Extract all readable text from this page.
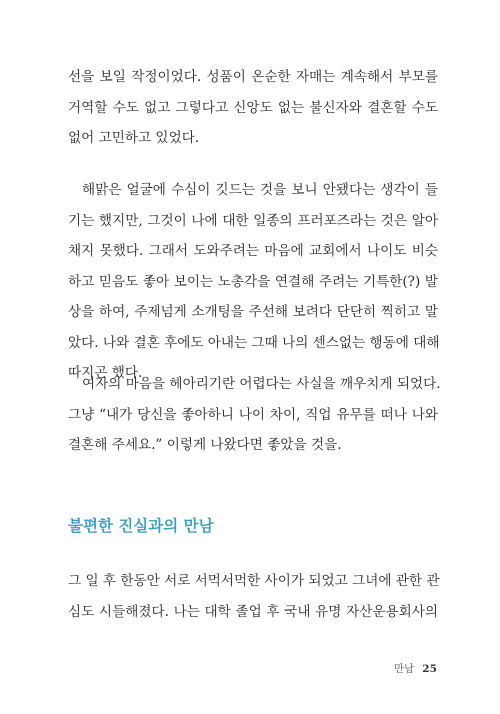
선을 보일 작정이었다. 성품이 온순한 자매는 계속해서 부모를

거역할 수도 없고 그렇다고 신앙도 없는 불신자와 결혼할 수도

없어 고민하고 있었다.

해맑은 얼굴에 수심이 깃드는 것을 보니 안됐다는 생각이 들

기는 했지만, 그것이 나에 대한 일종의 프러포즈라는 것은 알아

채지 못했다. 그래서 도와주려는 마음에 교회에서 나이도 비슷

하고 믿음도 좋아 보이는 노총각을 연결해 주려는 기특한(?) 발

상을 하여, 주제넘게 소개팅을 주선해 보려다 단단히 찍히고 말

았다. 나와 결혼 후에도 아내는 그때 나의 센스없는 행동에 대해

따지곤 했다.

여자의 마음을 헤아리기란 어렵다는 사실을 깨우치게 되었다.

그냥 “내가 당신을 좋아하니 나이 차이, 직업 유무를 떠나 나와

결혼해 주세요.” 이렇게 나왔다면 좋았을 것을.

불편한 진실과의 만남

그 일 후 한동안 서로 서먹서먹한 사이가 되었고 그녀에 관한 관

심도 시들해졌다. 나는 대학 졸업 후 국내 유명 자산운용회사의

만남 25
